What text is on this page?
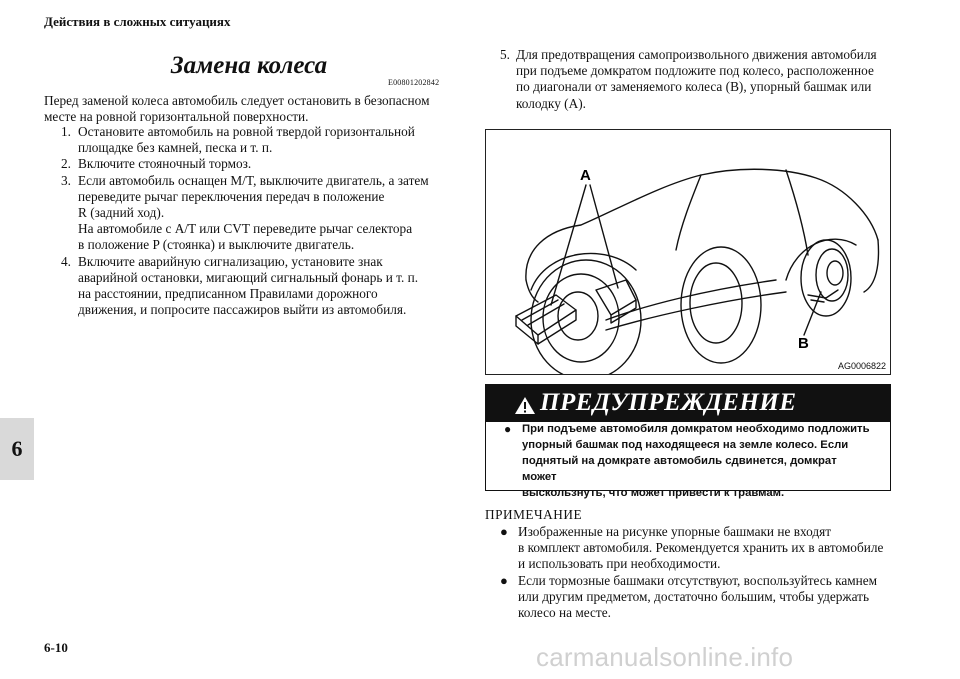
Действия в сложных ситуациях
6
Замена колеса
E00801202842
Перед заменой колеса автомобиль следует остановить в безопасном
месте на ровной горизонтальной поверхности.
1. Остановите автомобиль на ровной твердой горизонтальной
площадке без камней, песка и т. п.
2. Включите стояночный тормоз.
3. Если автомобиль оснащен M/T, выключите двигатель, а затем
переведите рычаг переключения передач в положение
R (задний ход).
На автомобиле с A/T или CVT переведите рычаг селектора
в положение P (стоянка) и выключите двигатель.
4. Включите аварийную сигнализацию, установите знак
аварийной остановки, мигающий сигнальный фонарь и т. п.
на расстоянии, предписанном Правилами дорожного
движения, и попросите пассажиров выйти из автомобиля.
5. Для предотвращения самопроизвольного движения автомобиля
при подъеме домкратом подложите под колесо, расположенное
по диагонали от заменяемого колеса (B), упорный башмак или
колодку (A).
A
B
AG0006822
ПРЕДУПРЕЖДЕНИЕ
● При подъеме автомобиля домкратом необходимо подложить
упорный башмак под находящееся на земле колесо. Если
поднятый на домкрате автомобиль сдвинется, домкрат может
выскользнуть, что может привести к травмам.
ПРИМЕЧАНИЕ
● Изображенные на рисунке упорные башмаки не входят
в комплект автомобиля. Рекомендуется хранить их в автомобиле
и использовать при необходимости.
● Если тормозные башмаки отсутствуют, воспользуйтесь камнем
или другим предметом, достаточно большим, чтобы удержать
колесо на месте.
6-10	carmanualsonline.info
